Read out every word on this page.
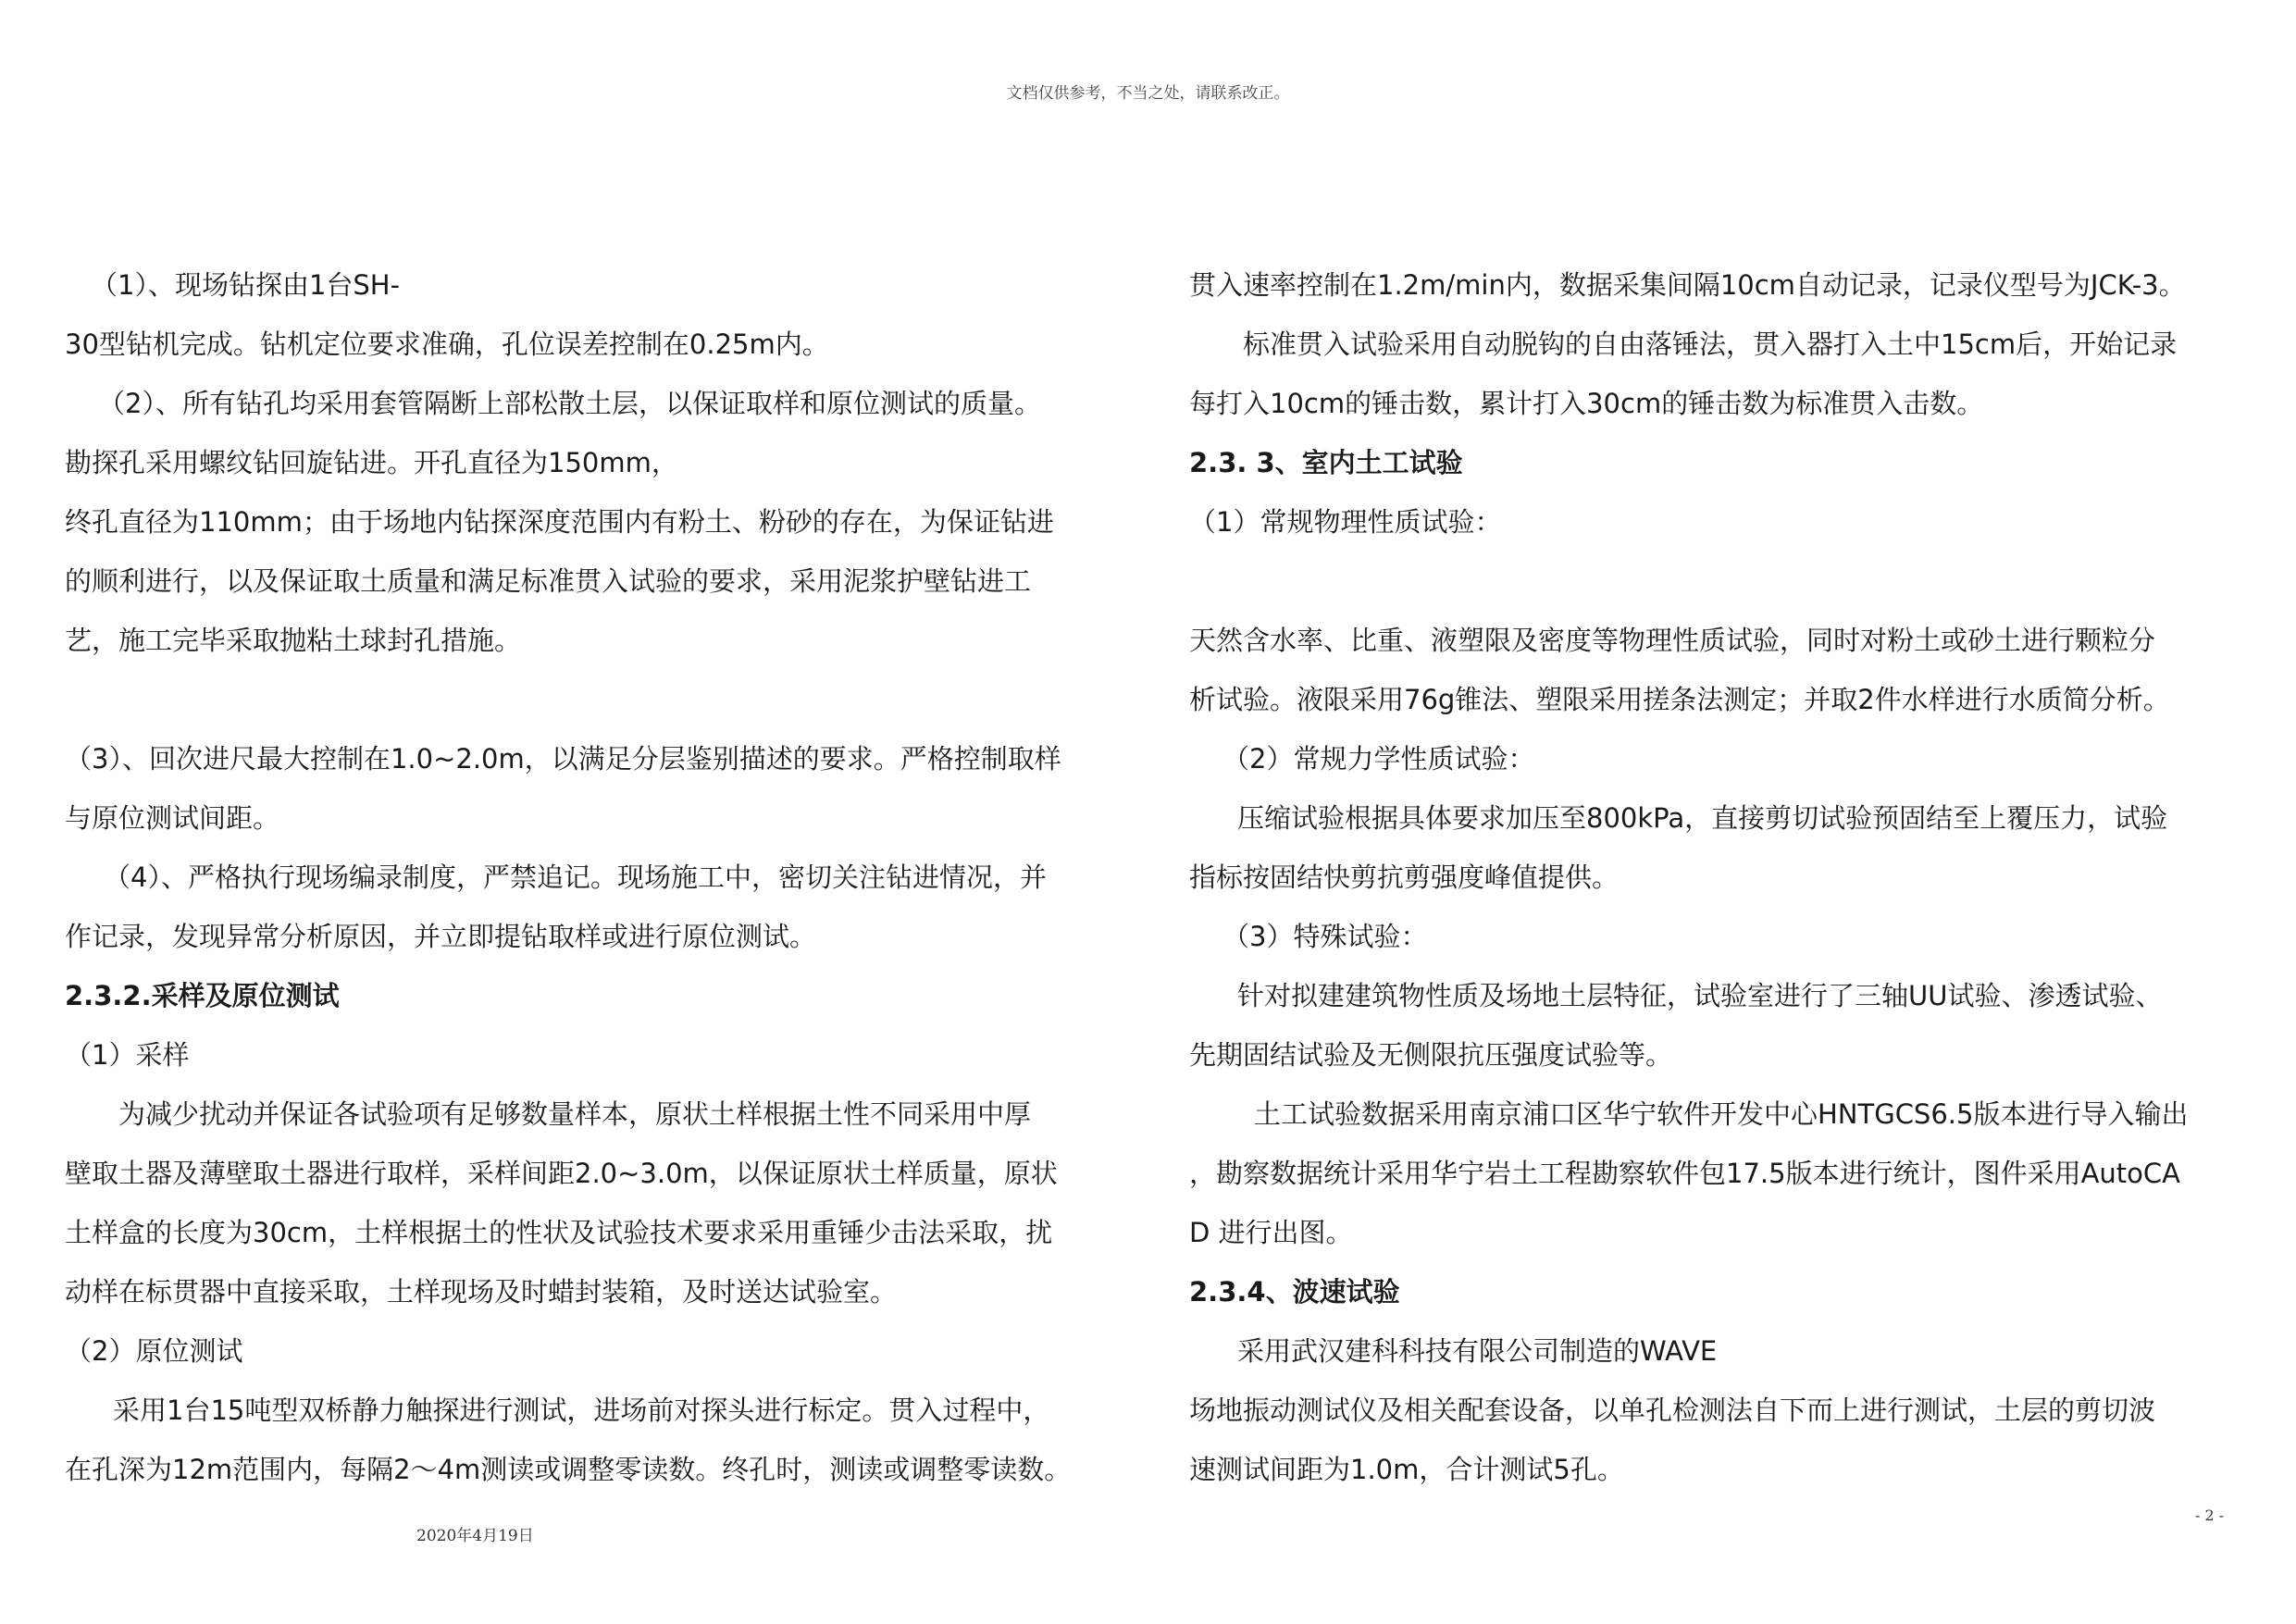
文档仅供参考，不当之处，请联系改正。
（1）、现场钻探由1台SH-
30型钻机完成。钻机定位要求准确，孔位误差控制在0.25m内。
（2）、所有钻孔均采用套管隔断上部松散土层，以保证取样和原位测试的质量。
勘探孔采用螺纹钻回旋钻进。开孔直径为150mm，
终孔直径为110mm；由于场地内钻探深度范围内有粉土、粉砂的存在，为保证钻进
的顺利进行，以及保证取土质量和满足标准贯入试验的要求，采用泥浆护壁钻进工
艺，施工完毕采取抛粘土球封孔措施。
（3）、回次进尺最大控制在1.0~2.0m，以满足分层鉴别描述的要求。严格控制取样
与原位测试间距。
（4）、严格执行现场编录制度，严禁追记。现场施工中，密切关注钻进情况，并
作记录，发现异常分析原因，并立即提钻取样或进行原位测试。
2.3.2.采样及原位测试
（1）采样
为减少扰动并保证各试验项有足够数量样本，原状土样根据土性不同采用中厚
壁取土器及薄壁取土器进行取样，采样间距2.0~3.0m，以保证原状土样质量，原状
土样盒的长度为30cm，土样根据土的性状及试验技术要求采用重锤少击法采取，扰
动样在标贯器中直接采取，土样现场及时蜡封装箱，及时送达试验室。
（2）原位测试
采用1台15吨型双桥静力触探进行测试，进场前对探头进行标定。贯入过程中，
在孔深为12m范围内，每隔2～4m测读或调整零读数。终孔时，测读或调整零读数。
贯入速率控制在1.2m/min内，数据采集间隔10cm自动记录，记录仪型号为JCK-3。
标准贯入试验采用自动脱钩的自由落锤法，贯入器打入土中15cm后，开始记录
每打入10cm的锤击数，累计打入30cm的锤击数为标准贯入击数。
2.3. 3、室内土工试验
（1）常规物理性质试验：
天然含水率、比重、液塑限及密度等物理性质试验，同时对粉土或砂土进行颗粒分
析试验。液限采用76g锥法、塑限采用搓条法测定；并取2件水样进行水质简分析。
（2）常规力学性质试验：
压缩试验根据具体要求加压至800kPa，直接剪切试验预固结至上覆压力，试验
指标按固结快剪抗剪强度峰值提供。
（3）特殊试验：
针对拟建建筑物性质及场地土层特征，试验室进行了三轴UU试验、渗透试验、
先期固结试验及无侧限抗压强度试验等。
土工试验数据采用南京浦口区华宁软件开发中心HNTGCS6.5版本进行导入输出
，勘察数据统计采用华宁岩土工程勘察软件包17.5版本进行统计，图件采用AutoCA
D 进行出图。
2.3.4、波速试验
采用武汉建科科技有限公司制造的WAVE
场地振动测试仪及相关配套设备，以单孔检测法自下而上进行测试，土层的剪切波
速测试间距为1.0m，合计测试5孔。
2020年4月19日
- 2 -
